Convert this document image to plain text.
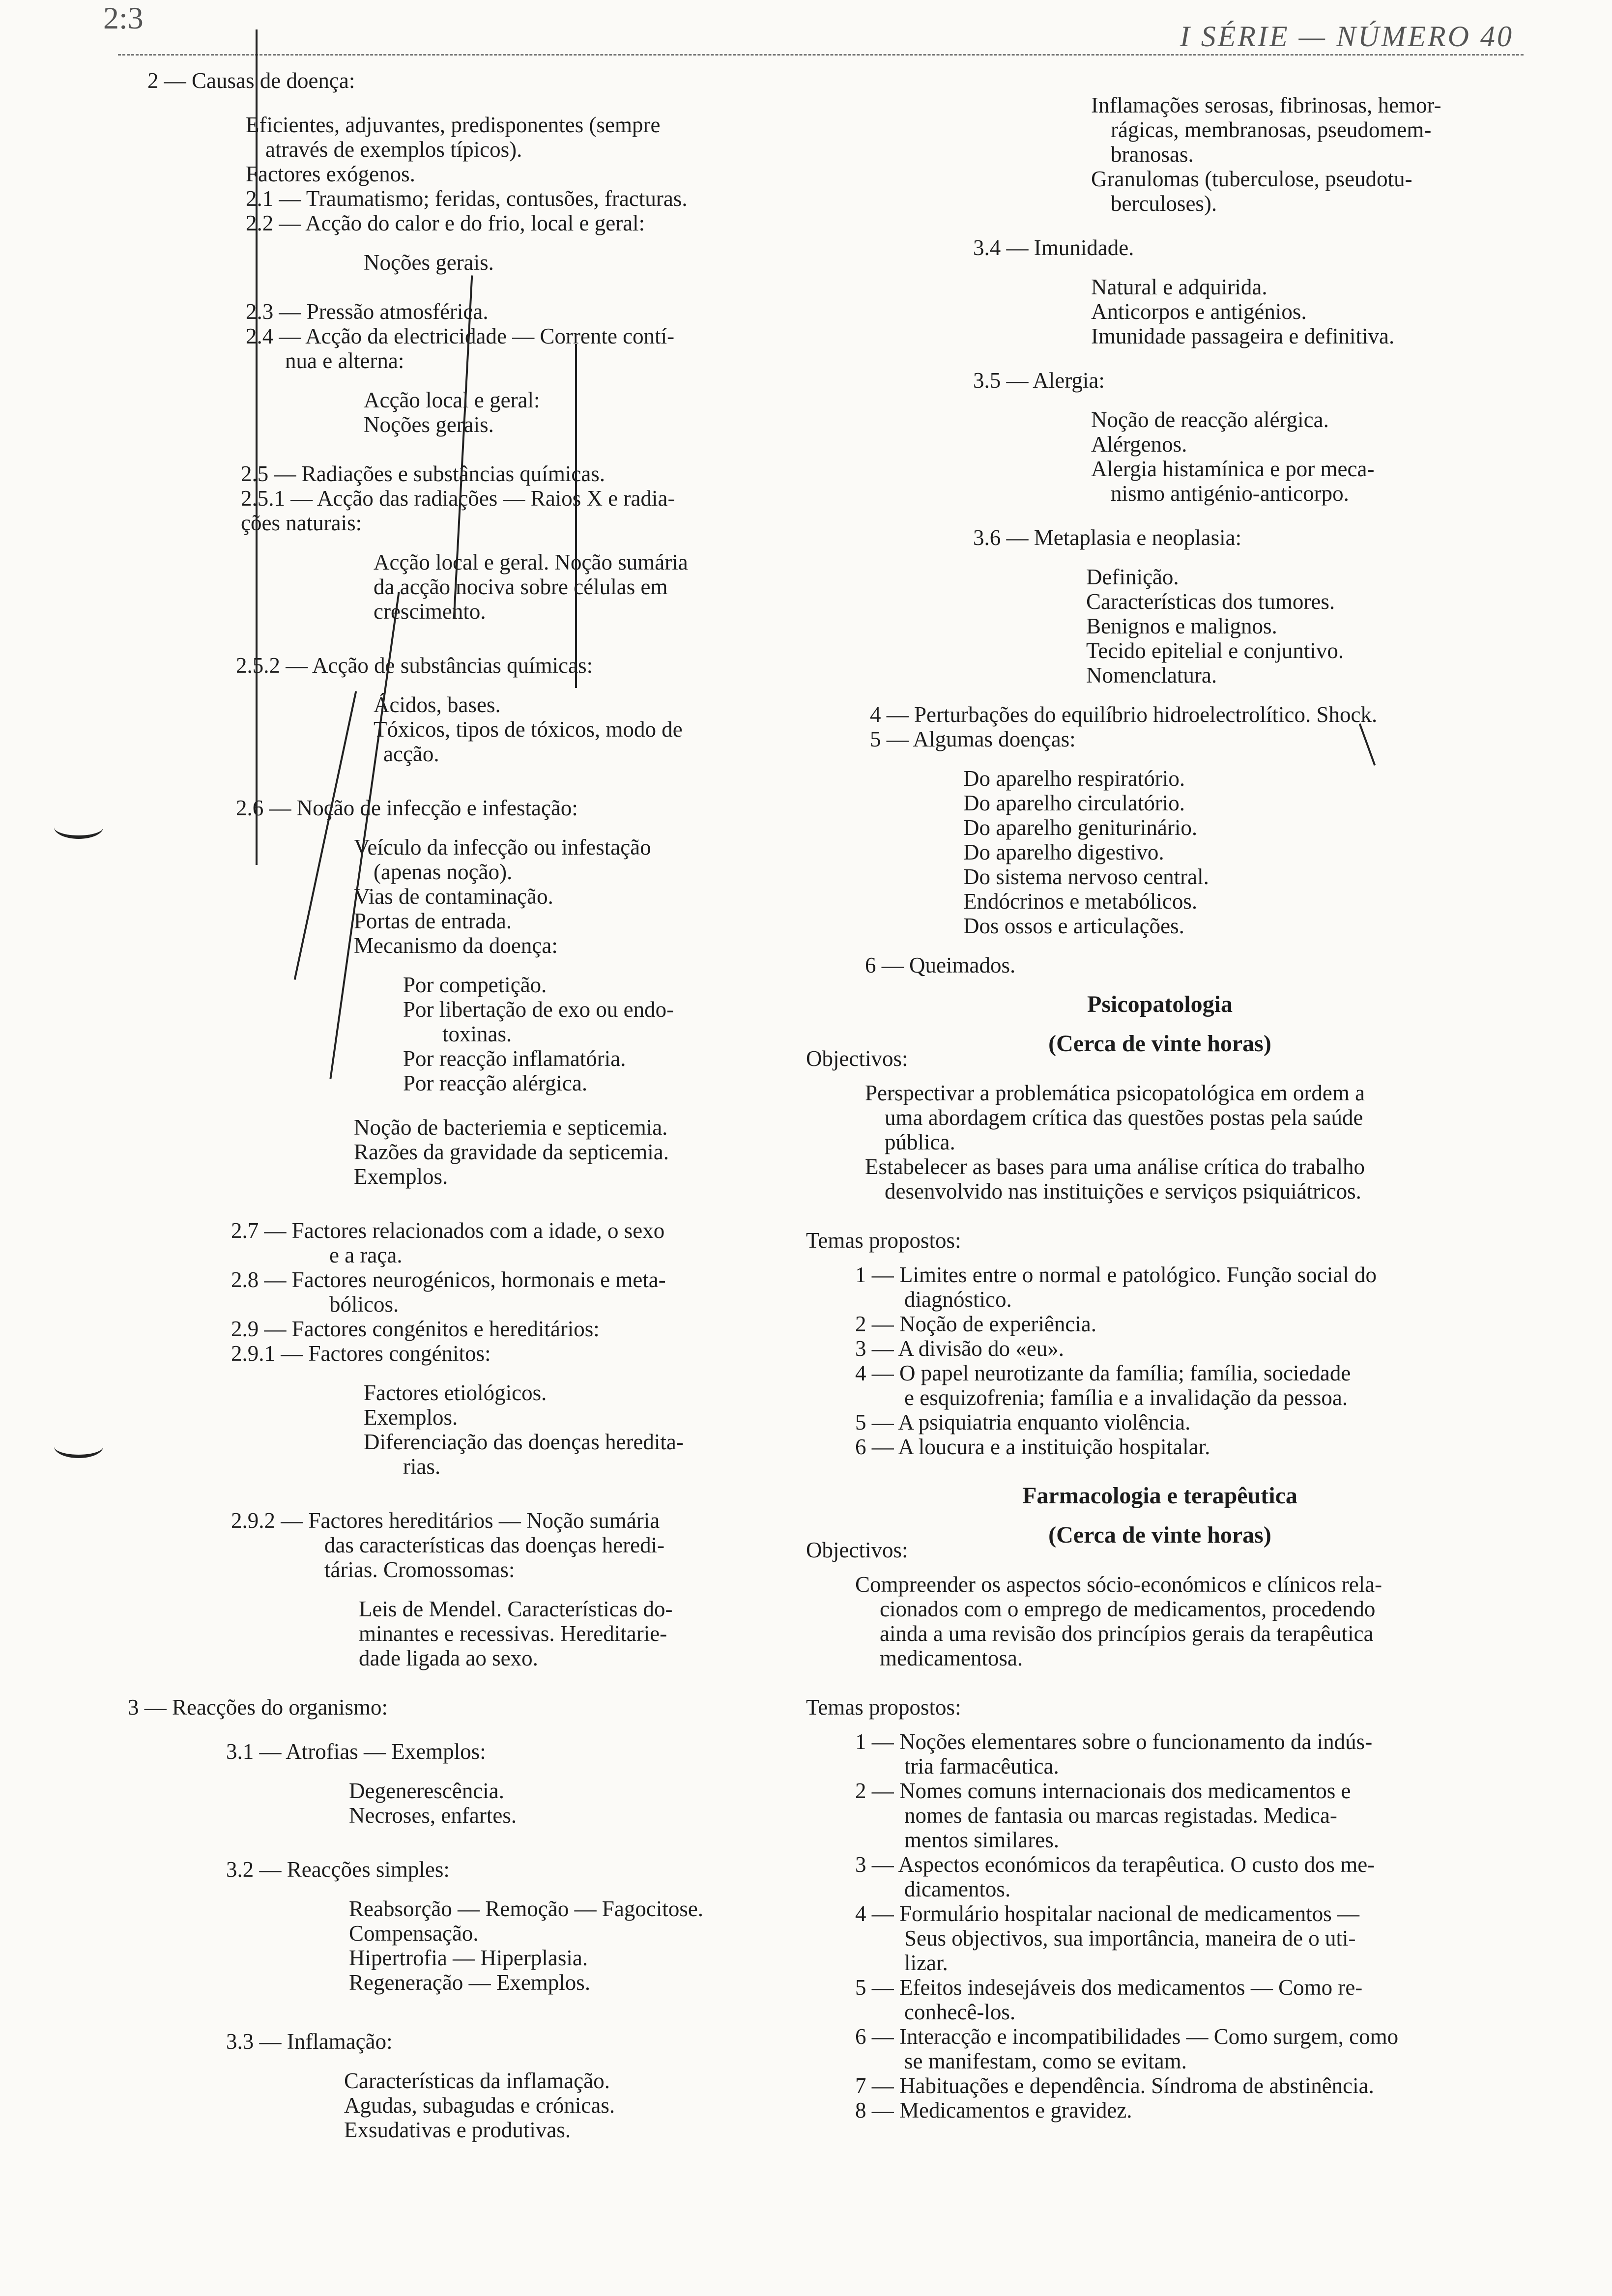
2:3
I SÉRIE — NÚMERO 40
2 — Causas de doença:
Eficientes, adjuvantes, predisponentes (sempre
através de exemplos típicos).
Factores exógenos.
2.1 — Traumatismo; feridas, contusões, fracturas.
2.2 — Acção do calor e do frio, local e geral:
Noções gerais.
2.3 — Pressão atmosférica.
2.4 — Acção da electricidade — Corrente contí-
nua e alterna:
Acção local e geral:
Noções gerais.
2.5 — Radiações e substâncias químicas.
2.5.1 — Acção das radiações — Raios X e radia-
ções naturais:
Acção local e geral. Noção sumária
da acção nociva sobre células em
crescimento.
2.5.2 — Acção de substâncias químicas:
Ácidos, bases.
Tóxicos, tipos de tóxicos, modo de
acção.
2.6 — Noção de infecção e infestação:
Veículo da infecção ou infestação
(apenas noção).
Vias de contaminação.
Portas de entrada.
Mecanismo da doença:
Por competição.
Por libertação de exo ou endo-
toxinas.
Por reacção inflamatória.
Por reacção alérgica.
Noção de bacteriemia e septicemia.
Razões da gravidade da septicemia.
Exemplos.
2.7 — Factores relacionados com a idade, o sexo
e a raça.
2.8 — Factores neurogénicos, hormonais e meta-
bólicos.
2.9 — Factores congénitos e hereditários:
2.9.1 — Factores congénitos:
Factores etiológicos.
Exemplos.
Diferenciação das doenças heredita-
rias.
2.9.2 — Factores hereditários — Noção sumária
das características das doenças heredi-
tárias. Cromossomas:
Leis de Mendel. Características do-
minantes e recessivas. Hereditarie-
dade ligada ao sexo.
3 — Reacções do organismo:
3.1 — Atrofias — Exemplos:
Degenerescência.
Necroses, enfartes.
3.2 — Reacções simples:
Reabsorção — Remoção — Fagocitose.
Compensação.
Hipertrofia — Hiperplasia.
Regeneração — Exemplos.
3.3 — Inflamação:
Características da inflamação.
Agudas, subagudas e crónicas.
Exsudativas e produtivas.
Inflamações serosas, fibrinosas, hemor-
rágicas, membranosas, pseudomem-
branosas.
Granulomas (tuberculose, pseudotu-
berculoses).
3.4 — Imunidade.
Natural e adquirida.
Anticorpos e antigénios.
Imunidade passageira e definitiva.
3.5 — Alergia:
Noção de reacção alérgica.
Alérgenos.
Alergia histamínica e por meca-
nismo antigénio-anticorpo.
3.6 — Metaplasia e neoplasia:
Definição.
Características dos tumores.
Benignos e malignos.
Tecido epitelial e conjuntivo.
Nomenclatura.
4 — Perturbações do equilíbrio hidroelectrolítico. Shock.
5 — Algumas doenças:
Do aparelho respiratório.
Do aparelho circulatório.
Do aparelho geniturinário.
Do aparelho digestivo.
Do sistema nervoso central.
Endócrinos e metabólicos.
Dos ossos e articulações.
6 — Queimados.
Psicopatologia
(Cerca de vinte horas)
Objectivos:
Perspectivar a problemática psicopatológica em ordem a
uma abordagem crítica das questões postas pela saúde
pública.
Estabelecer as bases para uma análise crítica do trabalho
desenvolvido nas instituições e serviços psiquiátricos.
Temas propostos:
1 — Limites entre o normal e patológico. Função social do
diagnóstico.
2 — Noção de experiência.
3 — A divisão do «eu».
4 — O papel neurotizante da família; família, sociedade
e esquizofrenia; família e a invalidação da pessoa.
5 — A psiquiatria enquanto violência.
6 — A loucura e a instituição hospitalar.
Farmacologia e terapêutica
(Cerca de vinte horas)
Objectivos:
Compreender os aspectos sócio-económicos e clínicos rela-
cionados com o emprego de medicamentos, procedendo
ainda a uma revisão dos princípios gerais da terapêutica
medicamentosa.
Temas propostos:
1 — Noções elementares sobre o funcionamento da indús-
tria farmacêutica.
2 — Nomes comuns internacionais dos medicamentos e
nomes de fantasia ou marcas registadas. Medica-
mentos similares.
3 — Aspectos económicos da terapêutica. O custo dos me-
dicamentos.
4 — Formulário hospitalar nacional de medicamentos —
Seus objectivos, sua importância, maneira de o uti-
lizar.
5 — Efeitos indesejáveis dos medicamentos — Como re-
conhecê-los.
6 — Interacção e incompatibilidades — Como surgem, como
se manifestam, como se evitam.
7 — Habituações e dependência. Síndroma de abstinência.
8 — Medicamentos e gravidez.
